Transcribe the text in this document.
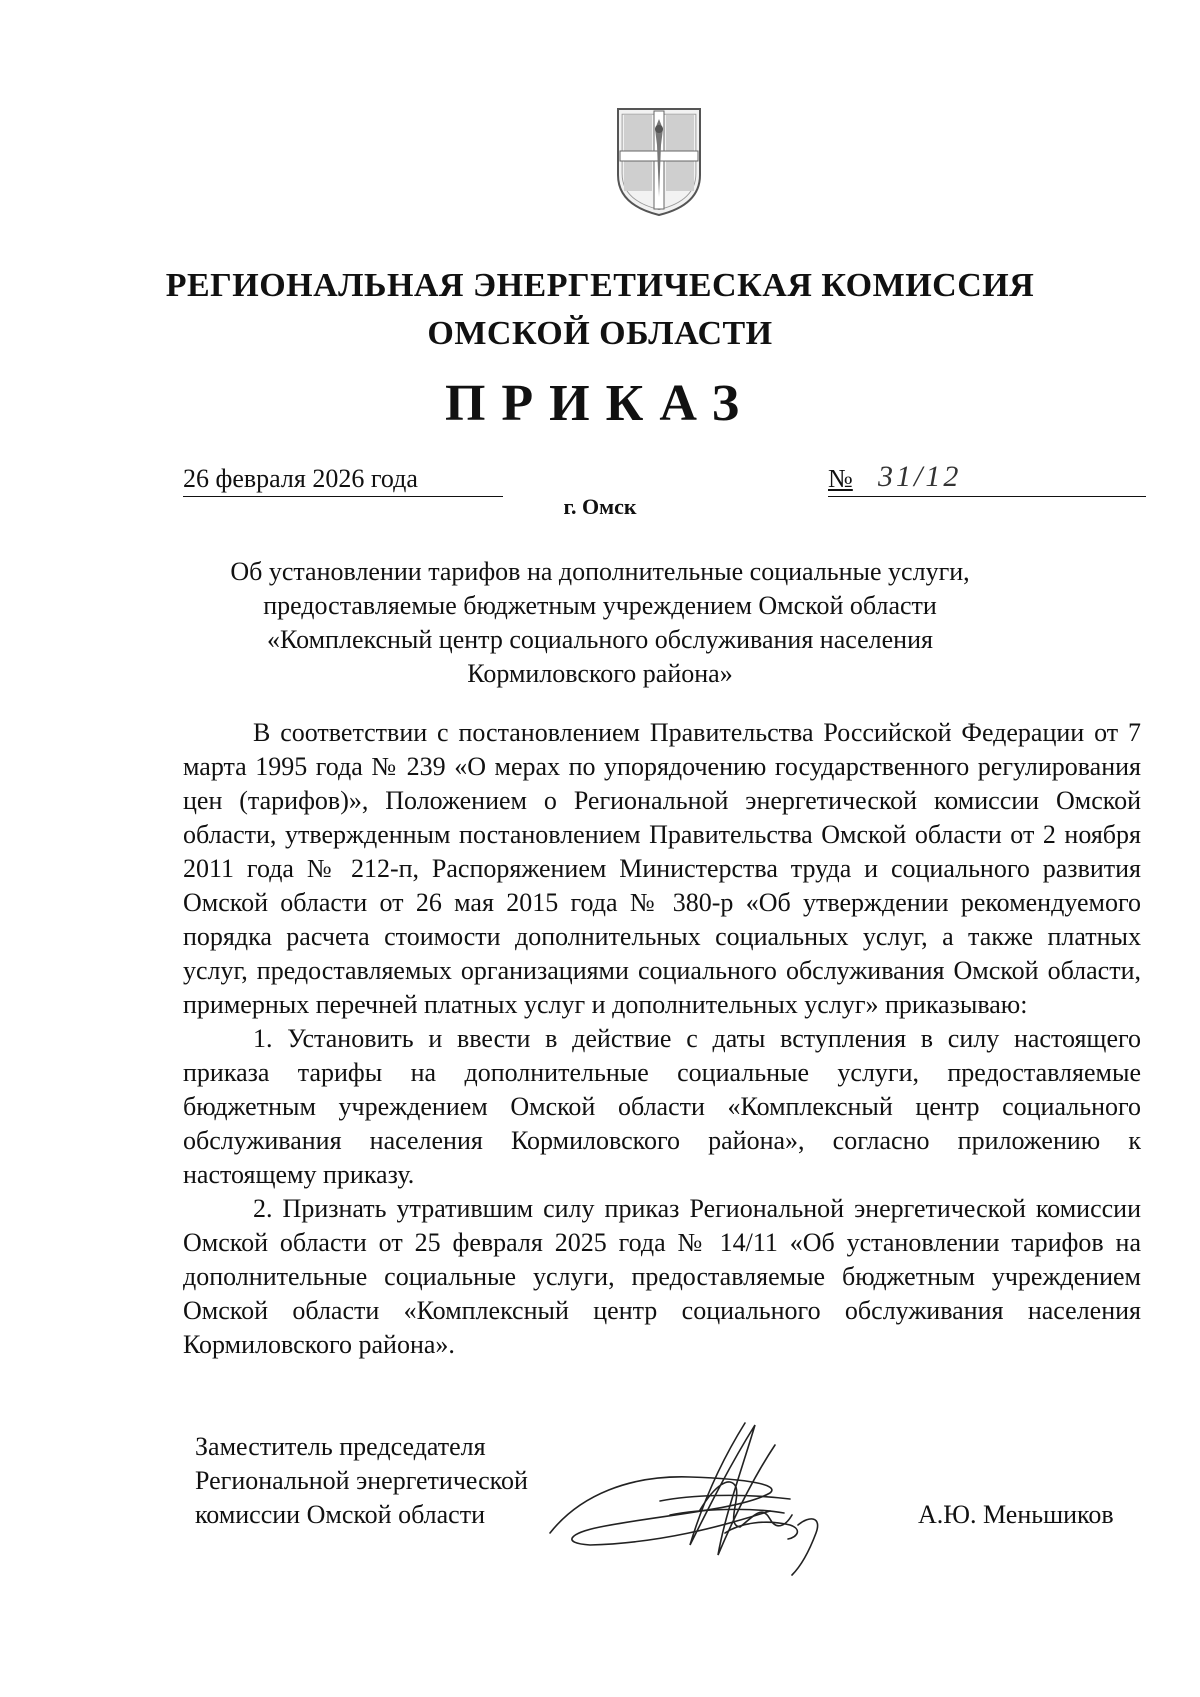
РЕГИОНАЛЬНАЯ ЭНЕРГЕТИЧЕСКАЯ КОМИССИЯ
ОМСКОЙ ОБЛАСТИ
ПРИКАЗ
26 февраля 2026 года	№ 31/12
г. Омск
Об установлении тарифов на дополнительные социальные услуги,
предоставляемые бюджетным учреждением Омской области
«Комплексный центр социального обслуживания населения
Кормиловского района»

В соответствии с постановлением Правительства Российской Федерации от 7 марта 1995 года № 239 «О мерах по упорядочению государственного регулирования цен (тарифов)», Положением о Региональной энергетической комиссии Омской области, утвержденным постановлением Правительства Омской области от 2 ноября 2011 года № 212-п, Распоряжением Министерства труда и социального развития Омской области от 26 мая 2015 года № 380-р «Об утверждении рекомендуемого порядка расчета стоимости дополнительных социальных услуг, а также платных услуг, предоставляемых организациями социального обслуживания Омской области, примерных перечней платных услуг и дополнительных услуг» приказываю:

1. Установить и ввести в действие с даты вступления в силу настоящего приказа тарифы на дополнительные социальные услуги, предоставляемые бюджетным учреждением Омской области «Комплексный центр социального обслуживания населения Кормиловского района», согласно приложению к настоящему приказу.

2. Признать утратившим силу приказ Региональной энергетической комиссии Омской области от 25 февраля 2025 года № 14/11 «Об установлении тарифов на дополнительные социальные услуги, предоставляемые бюджетным учреждением Омской области «Комплексный центр социального обслуживания населения Кормиловского района».

Заместитель председателя
Региональной энергетической
комиссии Омской области	А.Ю. Меньшиков
